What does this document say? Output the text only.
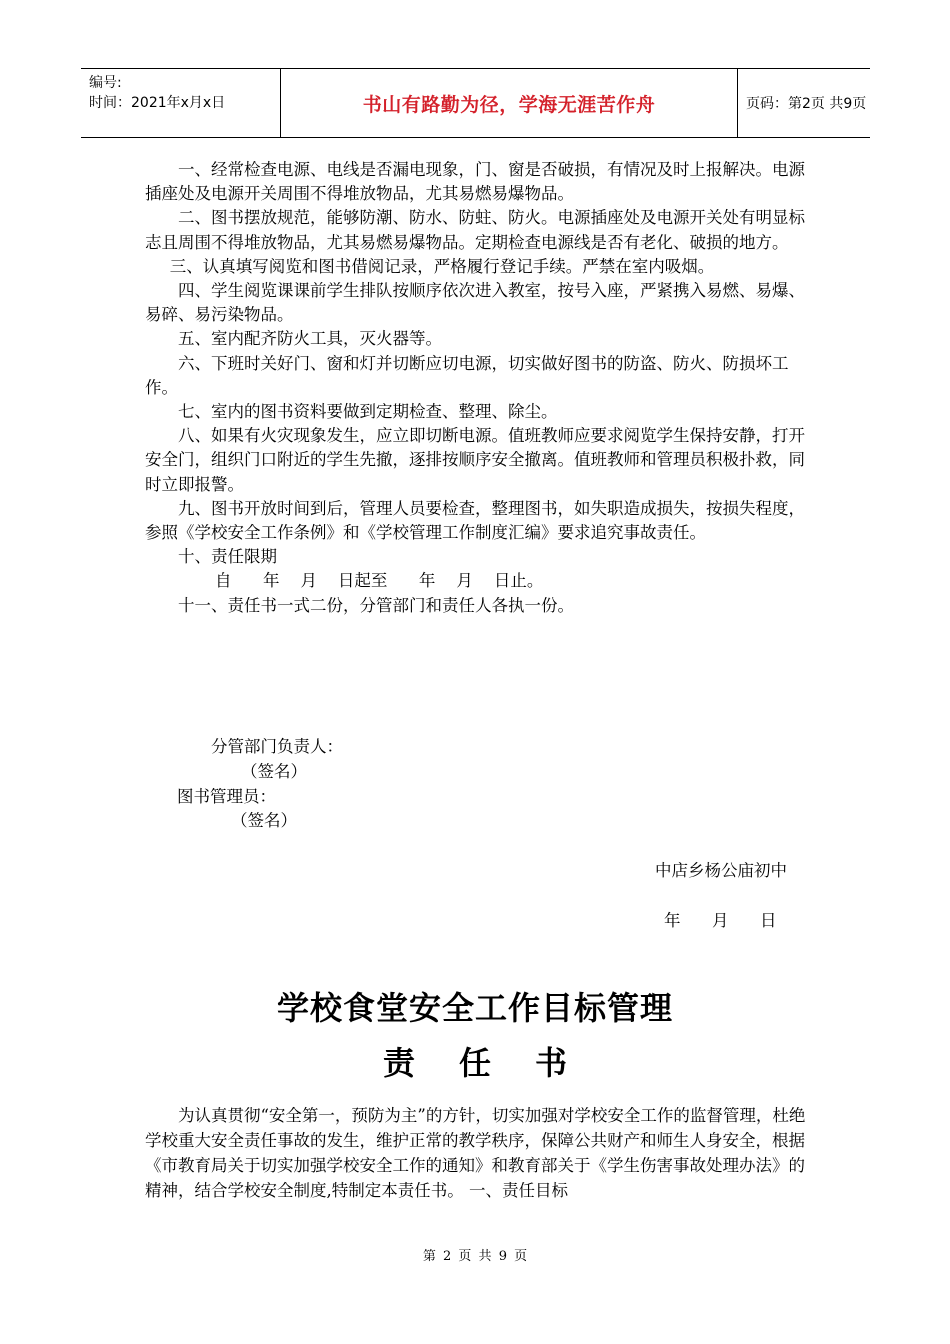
编号:
时间：2021年x月x日	书山有路勤为径，学海无涯苦作舟	页码：第2页 共9页

一、经常检查电源、电线是否漏电现象，门、窗是否破损，有情况及时上报解决。电源插座处及电源开关周围不得堆放物品，尤其易燃易爆物品。

二、图书摆放规范，能够防潮、防水、防蛀、防火。电源插座处及电源开关处有明显标志且周围不得堆放物品，尤其易燃易爆物品。定期检查电源线是否有老化、破损的地方。

三、认真填写阅览和图书借阅记录，严格履行登记手续。严禁在室内吸烟。

四、学生阅览课课前学生排队按顺序依次进入教室，按号入座，严紧携入易燃、易爆、易碎、易污染物品。

五、室内配齐防火工具，灭火器等。

六、下班时关好门、窗和灯并切断应切电源，切实做好图书的防盗、防火、防损坏工作。

七、室内的图书资料要做到定期检查、整理、除尘。

八、如果有火灾现象发生，应立即切断电源。值班教师应要求阅览学生保持安静，打开安全门，组织门口附近的学生先撤，逐排按顺序安全撤离。值班教师和管理员积极扑救，同时立即报警。

九、图书开放时间到后，管理人员要检查，整理图书，如失职造成损失，按损失程度，参照《学校安全工作条例》和《学校管理工作制度汇编》要求追究事故责任。

十、责任限期

自      年    月    日起至      年    月    日止。

十一、责任书一式二份，分管部门和责任人各执一份。

分管部门负责人：
（签名）
图书管理员：
（签名）
中店乡杨公庙初中
年      月      日
学校食堂安全工作目标管理
责任书

为认真贯彻“安全第一，预防为主”的方针，切实加强对学校安全工作的监督管理，杜绝学校重大安全责任事故的发生，维护正常的教学秩序，保障公共财产和师生人身安全，根据《市教育局关于切实加强学校安全工作的通知》和教育部关于《学生伤害事故处理办法》的精神，结合学校安全制度,特制定本责任书。 一、责任目标

第 2 页 共 9 页
